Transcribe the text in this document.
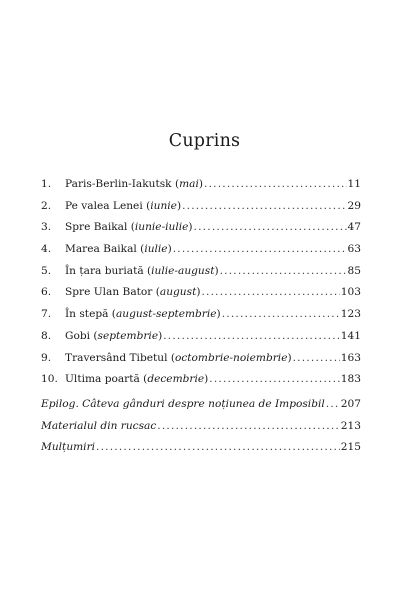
Cuprins
1.	Paris-Berlin-Iakutsk (mai) .....	11
2.	Pe valea Lenei (iunie) .....	29
3.	Spre Baikal (iunie-iulie) .....	47
4.	Marea Baikal (iulie) .....	63
5.	În țara buriată (iulie-august) .....	85
6.	Spre Ulan Bator (august) .....	103
7.	În stepă (august-septembrie) .....	123
8.	Gobi (septembrie) .....	141
9.	Traversând Tibetul (octombrie-noiembrie) .....	163
10. Ultima poartă (decembrie) .....	183
Epilog. Câteva gânduri despre noțiunea de Imposibil ..... 207
Materialul din rucsac .....	213
Mulțumiri .....	215
